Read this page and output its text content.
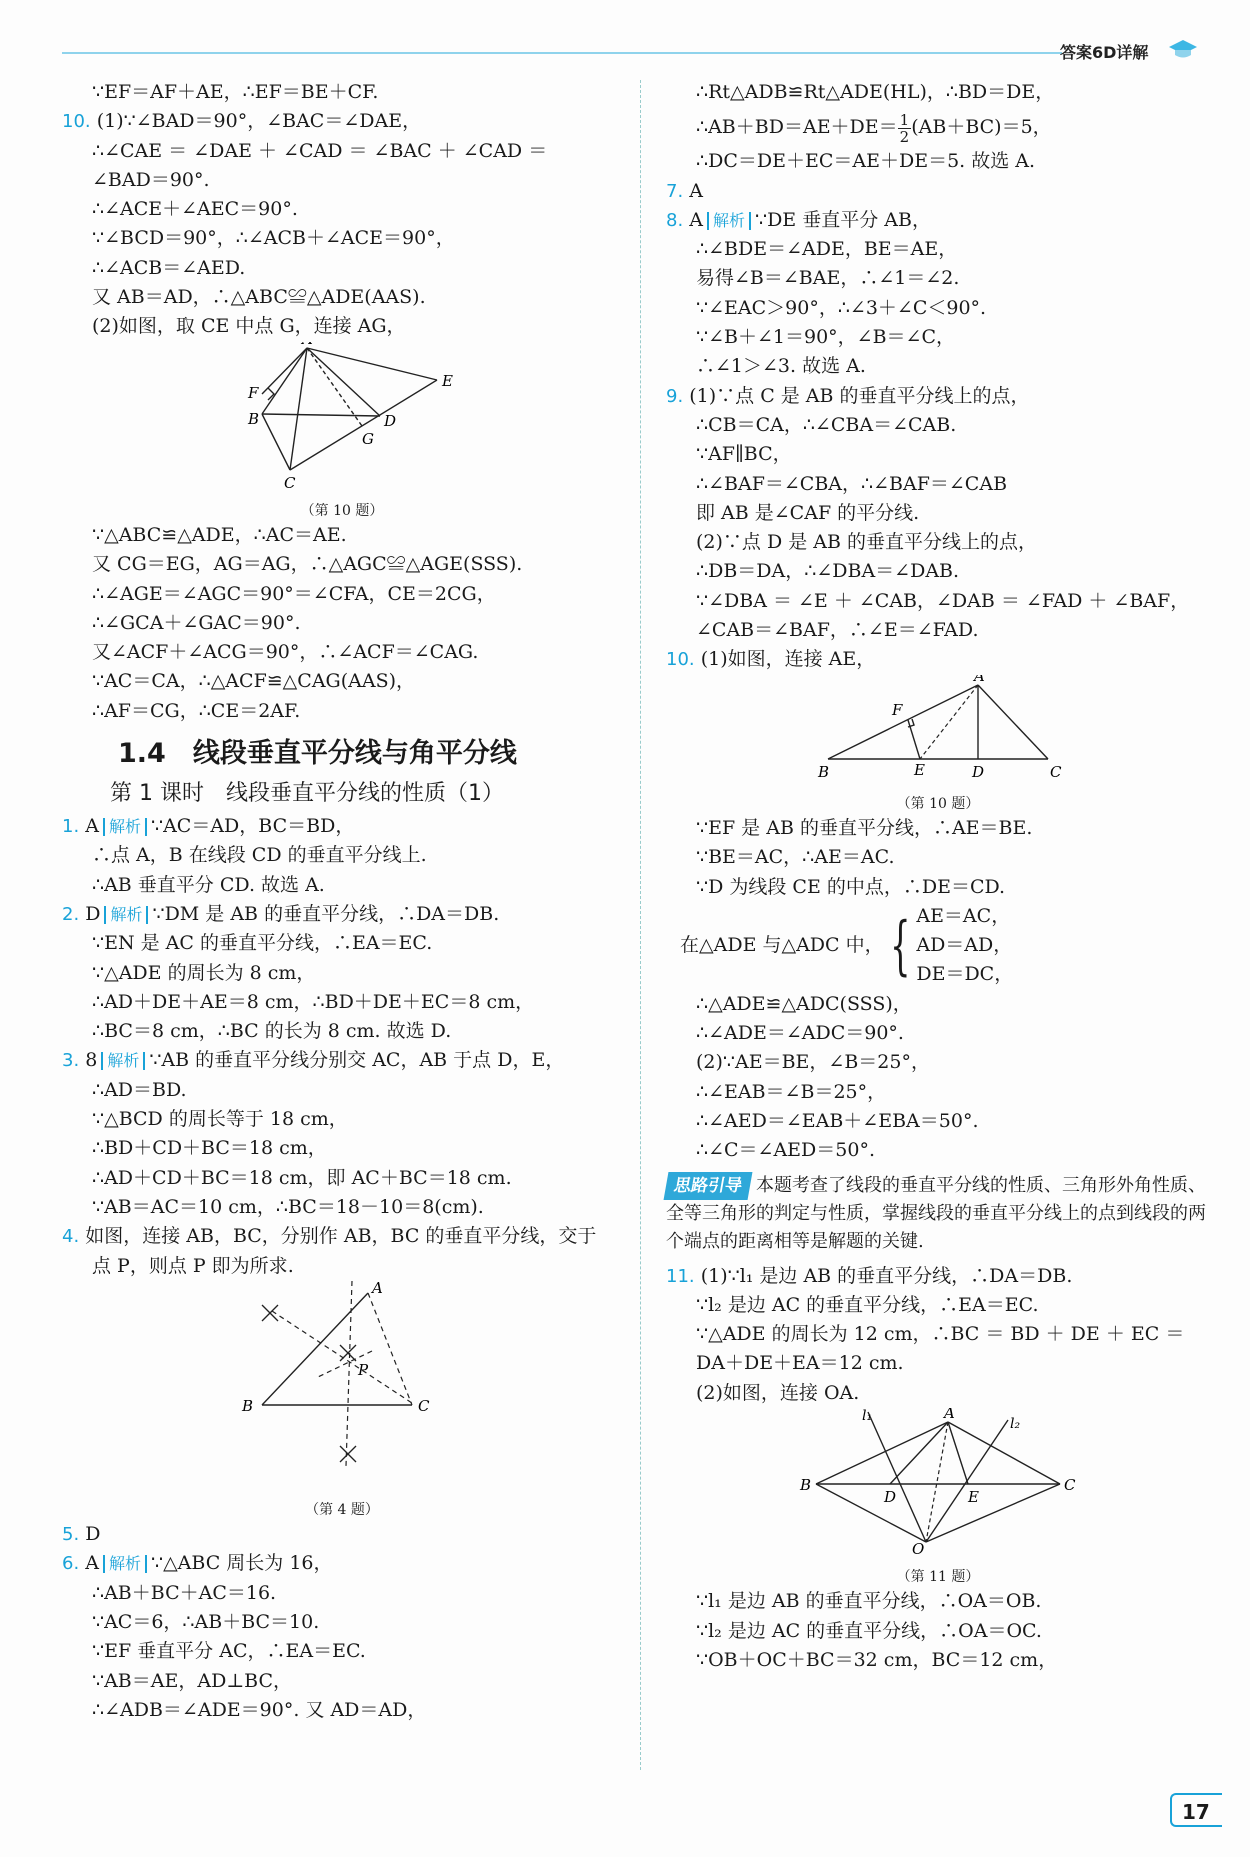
答案6D详解
∵EF＝AF＋AE，∴EF＝BE＋CF.
10. (1)∵∠BAD＝90°，∠BAC＝∠DAE，
∴∠CAE ＝ ∠DAE ＋ ∠CAD ＝ ∠BAC ＋ ∠CAD ＝
∠BAD＝90°.
∴∠ACE＋∠AEC＝90°.
∵∠BCD＝90°，∴∠ACB＋∠ACE＝90°，
∴∠ACB＝∠AED.
又 AB＝AD，∴△ABC≌△ADE(AAS).
(2)如图，取 CE 中点 G，连接 AG，
B
C
D
E
F
G
（第 10 题）
∵△ABC≌△ADE，∴AC＝AE.
又 CG＝EG，AG＝AG，∴△AGC≌△AGE(SSS).
∴∠AGE＝∠AGC＝90°＝∠CFA，CE＝2CG，
∴∠GCA＋∠GAC＝90°.
又∠ACF＋∠ACG＝90°，∴∠ACF＝∠CAG.
∵AC＝CA，∴△ACF≌△CAG(AAS)，
∴AF＝CG，∴CE＝2AF.
1.4　线段垂直平分线与角平分线
第 1 课时　线段垂直平分线的性质（1）
1. A 解析 ∵AC＝AD，BC＝BD，
∴点 A，B 在线段 CD 的垂直平分线上.
∴AB 垂直平分 CD. 故选 A.
2. D 解析 ∵DM 是 AB 的垂直平分线，∴DA＝DB.
∵EN 是 AC 的垂直平分线，∴EA＝EC.
∵△ADE 的周长为 8 cm，
∴AD＋DE＋AE＝8 cm，∴BD＋DE＋EC＝8 cm，
∴BC＝8 cm，∴BC 的长为 8 cm. 故选 D.
3. 8 解析 ∵AB 的垂直平分线分别交 AC，AB 于点 D，E，
∴AD＝BD.
∵△BCD 的周长等于 18 cm，
∴BD＋CD＋BC＝18 cm，
∴AD＋CD＋BC＝18 cm，即 AC＋BC＝18 cm.
∵AB＝AC＝10 cm，∴BC＝18－10＝8(cm).
4. 如图，连接 AB，BC，分别作 AB，BC 的垂直平分线，交于
点 P，则点 P 即为所求.
A
B	C
P
（第 4 题）
5. D
6. A 解析 ∵△ABC 周长为 16，
∴AB＋BC＋AC＝16.
∵AC＝6，∴AB＋BC＝10.
∵EF 垂直平分 AC，∴EA＝EC.
∵AB＝AE，AD⊥BC，
∴∠ADB＝∠ADE＝90°. 又 AD＝AD，
∴Rt△ADB≌Rt△ADE(HL)，∴BD＝DE，
∴AB＋BD＝AE＋DE＝ $\frac{1}{2} (AB+BC)=5$，
∴DC＝DE＋EC＝AE＋DE＝5. 故选 A.
7. A
8. A 解析 ∵DE 垂直平分 AB，
∴∠BDE＝∠ADE，BE＝AE，
易得∠B＝∠BAE，∴∠1＝∠2.
∵∠EAC＞90°，∴∠3＋∠C＜90°.
∵∠B＋∠1＝90°，∠B＝∠C，
∴∠1＞∠3. 故选 A.
9. (1)∵点 C 是 AB 的垂直平分线上的点，
∴CB＝CA，∴∠CBA＝∠CAB.
∵AF∥BC，
∴∠BAF＝∠CBA，∴∠BAF＝∠CAB
即 AB 是∠CAF 的平分线.
(2)∵点 D 是 AB 的垂直平分线上的点，
∴DB＝DA，∴∠DBA＝∠DAB.
∵∠DBA ＝ ∠E ＋ ∠CAB，∠DAB ＝ ∠FAD ＋ ∠BAF，
∠CAB＝∠BAF，∴∠E＝∠FAD.
10. (1)如图，连接 AE，
A
B	C
D
E
F
（第 10 题）
∵EF 是 AB 的垂直平分线，∴AE＝BE.
∵BE＝AC，∴AE＝AC.
∵D 为线段 CE 的中点，∴DE＝CD.
在△ADE 与△ADC 中， { AE＝AC，
AD＝AD，
DE＝DC，
∴△ADE≌△ADC(SSS)，
∴∠ADE＝∠ADC＝90°.
(2)∵AE＝BE，∠B＝25°，
∴∠EAB＝∠B＝25°，
∴∠AED＝∠EAB＋∠EBA＝50°.
∴∠C＝∠AED＝50°.
思路引导 本题考查了线段的垂直平分线的性质、三角形外角性质、全等三角形的判定与性质，掌握线段的垂直平分线上的点到线段的两个端点的距离相等是解题的关键.
11. (1)∵l₁ 是边 AB 的垂直平分线，∴DA＝DB.
∵l₂ 是边 AC 的垂直平分线，∴EA＝EC.
∵△ADE 的周长为 12 cm，∴BC ＝ BD ＋ DE ＋ EC ＝
DA＋DE＋EA＝12 cm.
(2)如图，连接 OA.
A
B	C
D	E
O
l₁	l₂
（第 11 题）
∵l₁ 是边 AB 的垂直平分线，∴OA＝OB.
∵l₂ 是边 AC 的垂直平分线，∴OA＝OC.
∵OB＋OC＋BC＝32 cm，BC＝12 cm，
17
